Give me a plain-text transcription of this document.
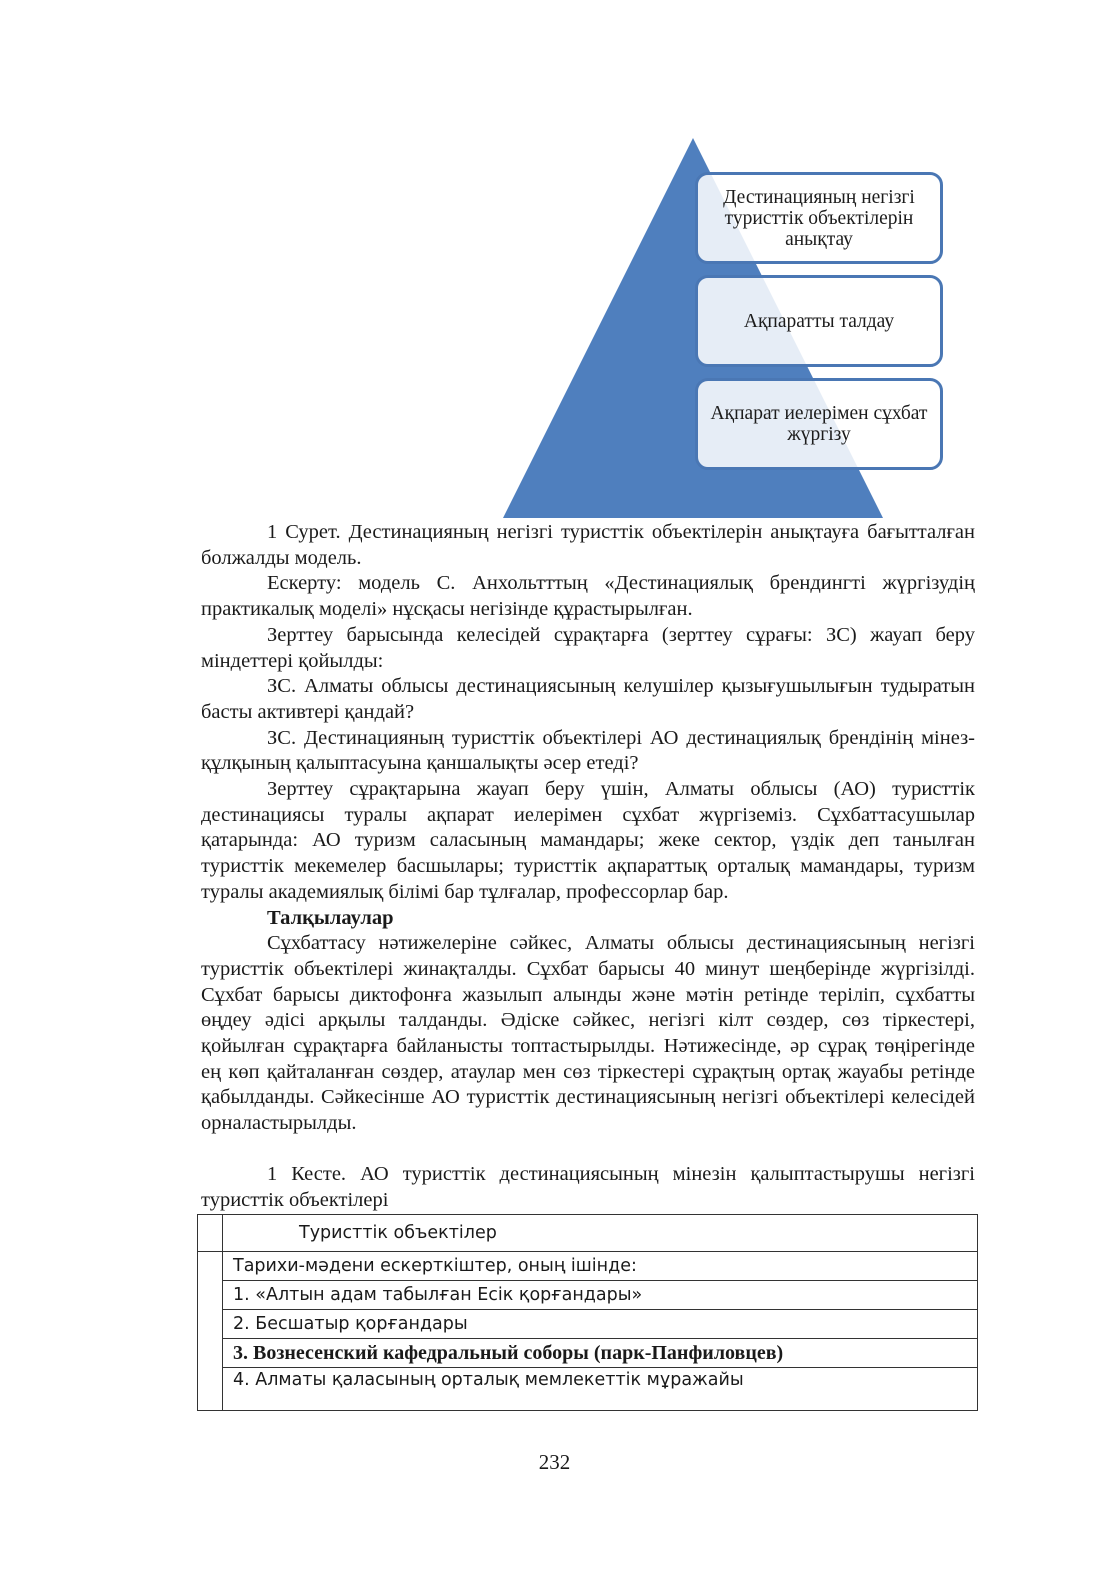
Дестинацияның негізгі туристтік объектілерін анықтау
Ақпаратты талдау
Ақпарат иелерімен сұхбат жүргізу

1 Сурет. Дестинацияның негізгі туристтік объектілерін анықтауға бағытталған болжалды модель.

Ескерту: модель С. Анхольтттың «Дестинациялық брендингті жүргізудің практикалық моделі» нұсқасы негізінде құрастырылған.

Зерттеу барысында келесідей сұрақтарға (зерттеу сұрағы: ЗС) жауап беру міндеттері қойылды:

ЗС. Алматы облысы дестинациясының келушілер қызығушылығын тудыратын басты активтері қандай?

ЗС. Дестинацияның туристтік объектілері АО дестинациялық брендінің мінез-құлқының қалыптасуына қаншалықты әсер етеді?

Зерттеу сұрақтарына жауап беру үшін, Алматы облысы (АО) туристтік дестинациясы туралы ақпарат иелерімен сұхбат жүргіземіз. Сұхбаттасушылар қатарында: АО туризм саласының мамандары; жеке сектор, үздік деп танылған туристтік мекемелер басшылары; туристтік ақпараттық орталық мамандары, туризм туралы академиялық білімі бар тұлғалар, профессорлар бар.

Талқылаулар

Сұхбаттасу нәтижелеріне сәйкес, Алматы облысы дестинациясының негізгі туристтік объектілері жинақталды. Сұхбат барысы 40 минут шеңберінде жүргізілді. Сұхбат барысы диктофонға жазылып алынды және мәтін ретінде теріліп, сұхбатты өңдеу әдісі арқылы талданды. Әдіске сәйкес, негізгі кілт сөздер, сөз тіркестері, қойылған сұрақтарға байланысты топтастырылды. Нәтижесінде, әр сұрақ төңірегінде ең көп қайталанған сөздер, атаулар мен сөз тіркестері сұрақтың ортақ жауабы ретінде қабылданды. Сәйкесінше АО туристтік дестинациясының негізгі объектілері келесідей орналастырылды.

1 Кесте. АО туристтік дестинациясының мінезін қалыптастырушы негізгі туристтік объектілері

	Туристтік объектілер
	Тарихи-мәдени ескерткіштер, оның ішінде:
	1. «Алтын адам табылған Есік қорғандары»
	2. Бесшатыр қорғандары
	3. Вознесенский кафедральный соборы (парк-Панфиловцев)
	4. Алматы қаласының орталық мемлекеттік мұражайы
232
